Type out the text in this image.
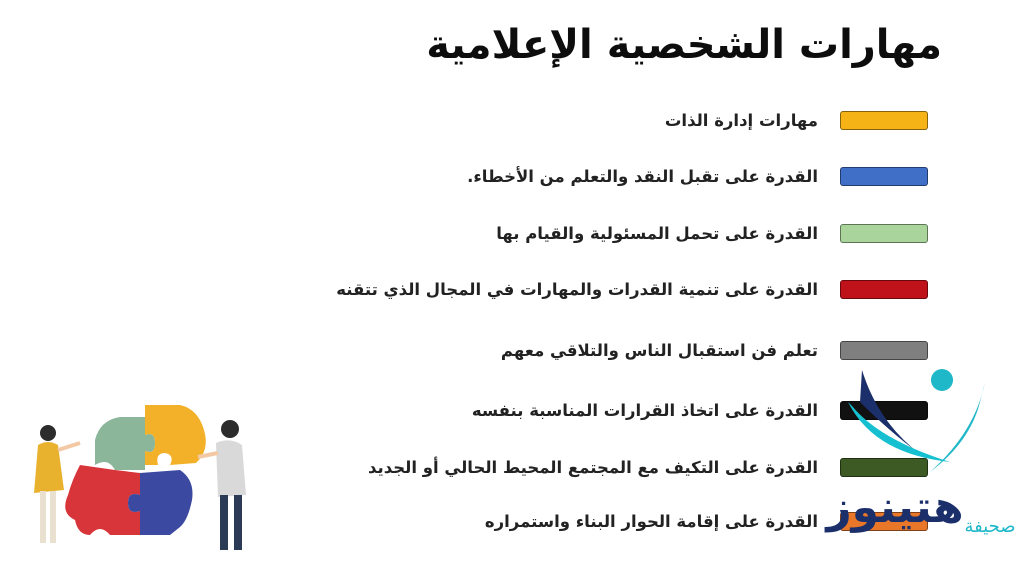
مهارات الشخصية الإعلامية
مهارات إدارة الذات
القدرة على تقبل النقد والتعلم من الأخطاء.
القدرة على تحمل المسئولية والقيام بها
القدرة على تنمية القدرات والمهارات في المجال الذي تتقنه
تعلم فن استقبال الناس والتلاقي معهم
القدرة على اتخاذ القرارات المناسبة بنفسه
القدرة على التكيف مع المجتمع المحيط الحالي أو الجديد
القدرة على إقامة الحوار البناء واستمراره هتينوز صحيفة
